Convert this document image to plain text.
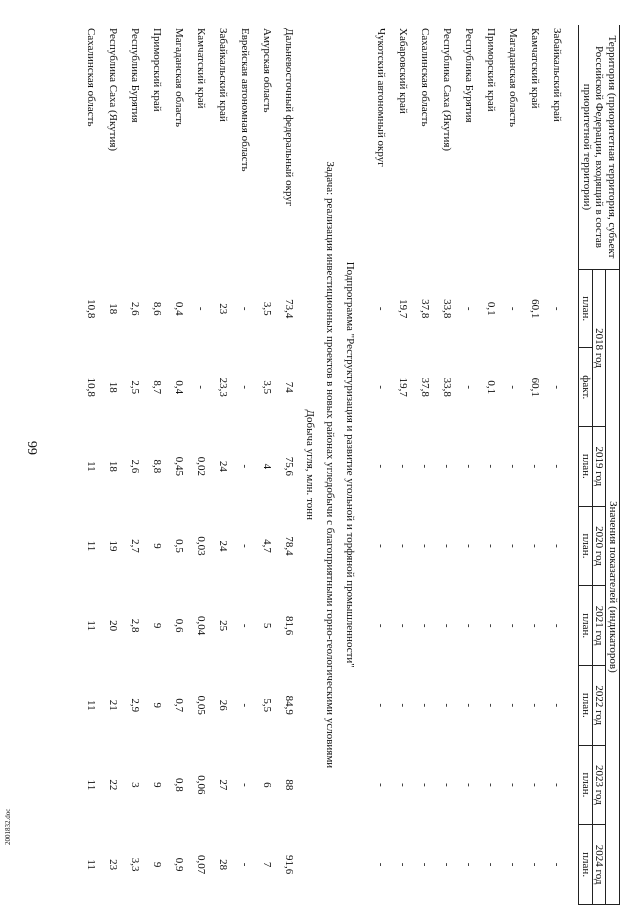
66
2001832.doc
Территория (приоритетная территория, субъект Российской Федерации, входящий в состав приоритетной территории)	Значения показателей (индикаторов)							
	2018 год		2019 год	2020 год	2021 год	2022 год	2023 год	2024 год
	план.	факт.	план.	план.	план.	план.	план.	план.

Забайкальский край	-	-	-	-	-	-	-	-
Камчатский край	60,1	60,1	-	-	-	-	-	-
Магаданская область	-	-	-	-	-	-	-	-
Приморский край	0,1	0,1	-	-	-	-	-	-
Республика Бурятия	-	-	-	-	-	-	-	-
Республика Саха (Якутия)	33,8	33,8	-	-	-	-	-	-
Сахалинская область	37,8	37,8	-	-	-	-	-	-
Хабаровский край	19,7	19,7	-	-	-	-	-	-
Чукотский автономный округ	-	-	-	-	-	-	-	-

Подпрограмма "Реструктуризация и развитие угольной и торфяной промышленности"								
Задача: реализация инвестиционных проектов в новых районах угледобычи с благоприятными горно-геологическими условиями								
Добыча угля, млн. тонн								
Дальневосточный федеральный округ	73,4	74	75,6	78,4	81,6	84,9	88	91,6
Амурская область	3,5	3,5	4	4,7	5	5,5	6	7
Еврейская автономная область	-	-	-	-	-	-	-	-
Забайкальский край	23	23,3	24	24	25	26	27	28
Камчатский край	-	-	0,02	0,03	0,04	0,05	0,06	0,07
Магаданская область	0,4	0,4	0,45	0,5	0,6	0,7	0,8	0,9
Приморский край	8,6	8,7	8,8	9	9	9	9	9
Республика Бурятия	2,6	2,5	2,6	2,7	2,8	2,9	3	3,3
Республика Саха (Якутия)	18	18	18	19	20	21	22	23
Сахалинская область	10,8	10,8	11	11	11	11	11	11
